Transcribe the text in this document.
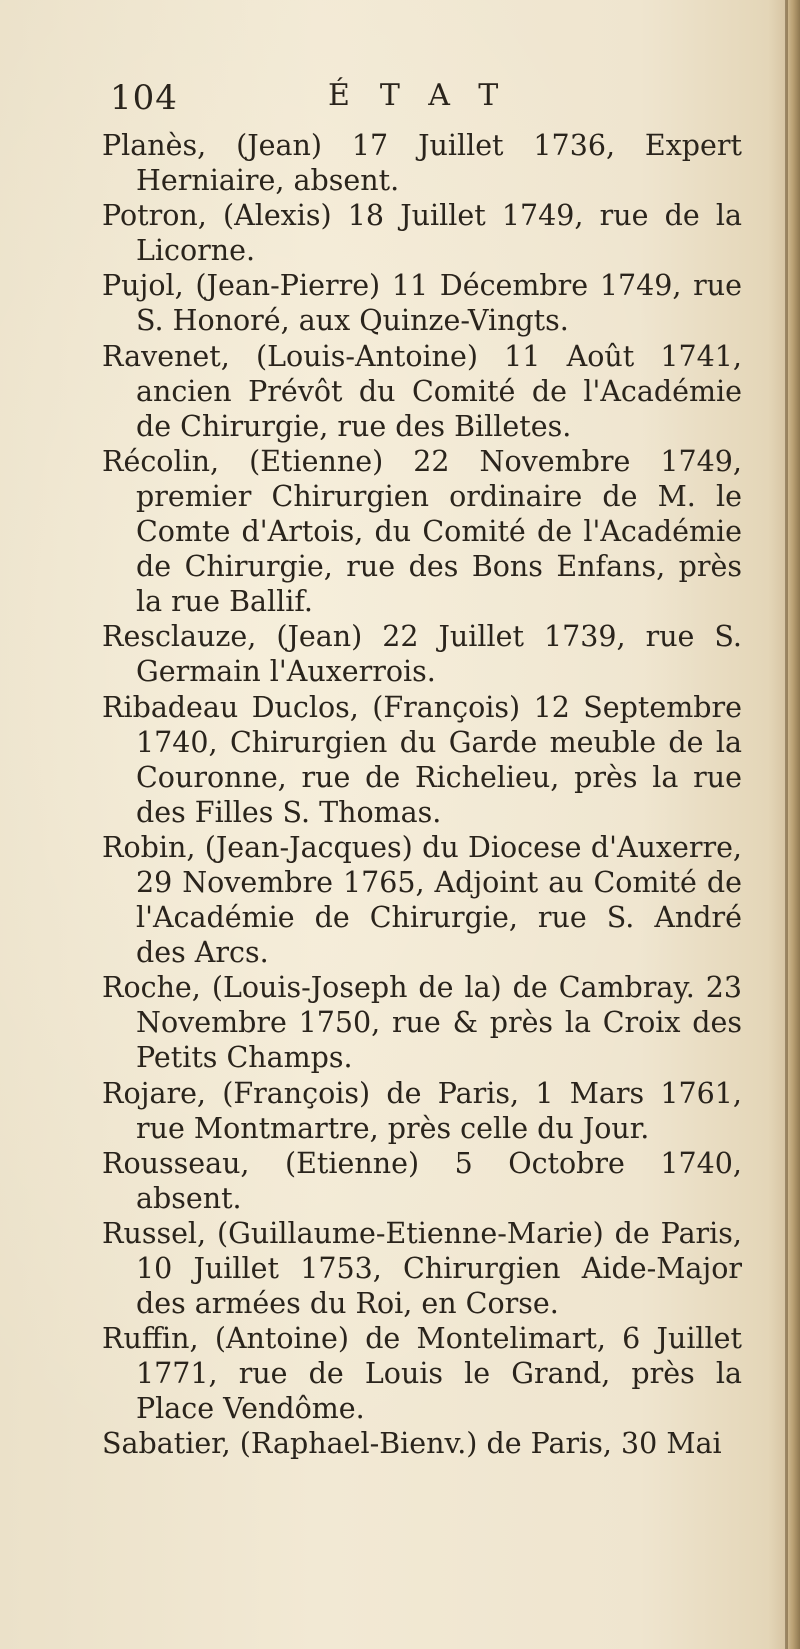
104	ÉTAT

Planès, (Jean) 17 Juillet 1736, Expert Herniaire, absent.

Potron, (Alexis) 18 Juillet 1749, rue de la Licorne.

Pujol, (Jean-Pierre) 11 Décembre 1749, rue S. Honoré, aux Quinze-Vingts.

Ravenet, (Louis-Antoine) 11 Août 1741, ancien Prévôt du Comité de l'Académie de Chirurgie, rue des Billetes.

Récolin, (Etienne) 22 Novembre 1749, premier Chirurgien ordinaire de M. le Comte d'Artois, du Comité de l'Académie de Chirurgie, rue des Bons Enfans, près la rue Ballif.

Resclauze, (Jean) 22 Juillet 1739, rue S. Germain l'Auxerrois.

Ribadeau Duclos, (François) 12 Septembre 1740, Chirurgien du Garde meuble de la Couronne, rue de Richelieu, près la rue des Filles S. Thomas.

Robin, (Jean-Jacques) du Diocese d'Auxerre, 29 Novembre 1765, Adjoint au Comité de l'Académie de Chirurgie, rue S. André des Arcs.

Roche, (Louis-Joseph de la) de Cambray. 23 Novembre 1750, rue & près la Croix des Petits Champs.

Rojare, (François) de Paris, 1 Mars 1761, rue Montmartre, près celle du Jour.

Rousseau, (Etienne) 5 Octobre 1740, absent.

Russel, (Guillaume-Etienne-Marie) de Paris, 10 Juillet 1753, Chirurgien Aide-Major des armées du Roi, en Corse.

Ruffin, (Antoine) de Montelimart, 6 Juillet 1771, rue de Louis le Grand, près la Place Vendôme.

Sabatier, (Raphael-Bienv.) de Paris, 30 Mai
